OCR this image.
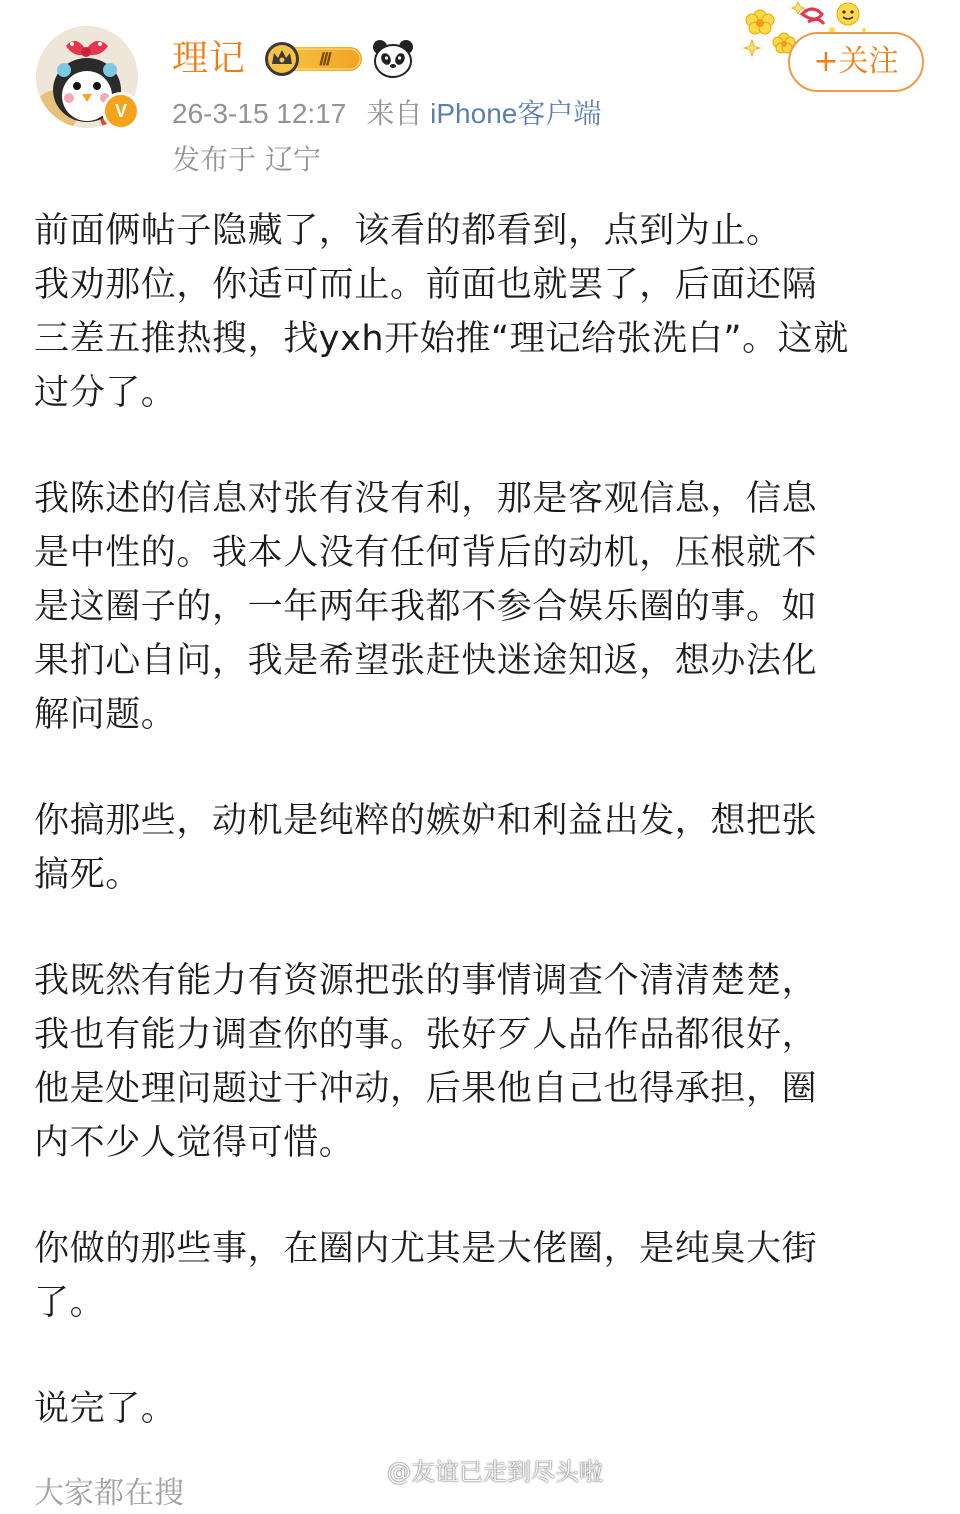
V
理记	Ⅲ
26-3-15 12:17 来自 iPhone客户端
发布于 辽宁
+关注
前面俩帖子隐藏了，该看的都看到，点到为止。
我劝那位，你适可而止。前面也就罢了，后面还隔
三差五推热搜，找yxh开始推“理记给张洗白”。这就
过分了。
我陈述的信息对张有没有利，那是客观信息，信息
是中性的。我本人没有任何背后的动机，压根就不
是这圈子的，一年两年我都不参合娱乐圈的事。如
果扪心自问，我是希望张赶快迷途知返，想办法化
解问题。
你搞那些，动机是纯粹的嫉妒和利益出发，想把张
搞死。
我既然有能力有资源把张的事情调查个清清楚楚，
我也有能力调查你的事。张好歹人品作品都很好，
他是处理问题过于冲动，后果他自己也得承担，圈
内不少人觉得可惜。
你做的那些事，在圈内尤其是大佬圈，是纯臭大街
了。
说完了。
大家都在搜
@友谊已走到尽头啦
